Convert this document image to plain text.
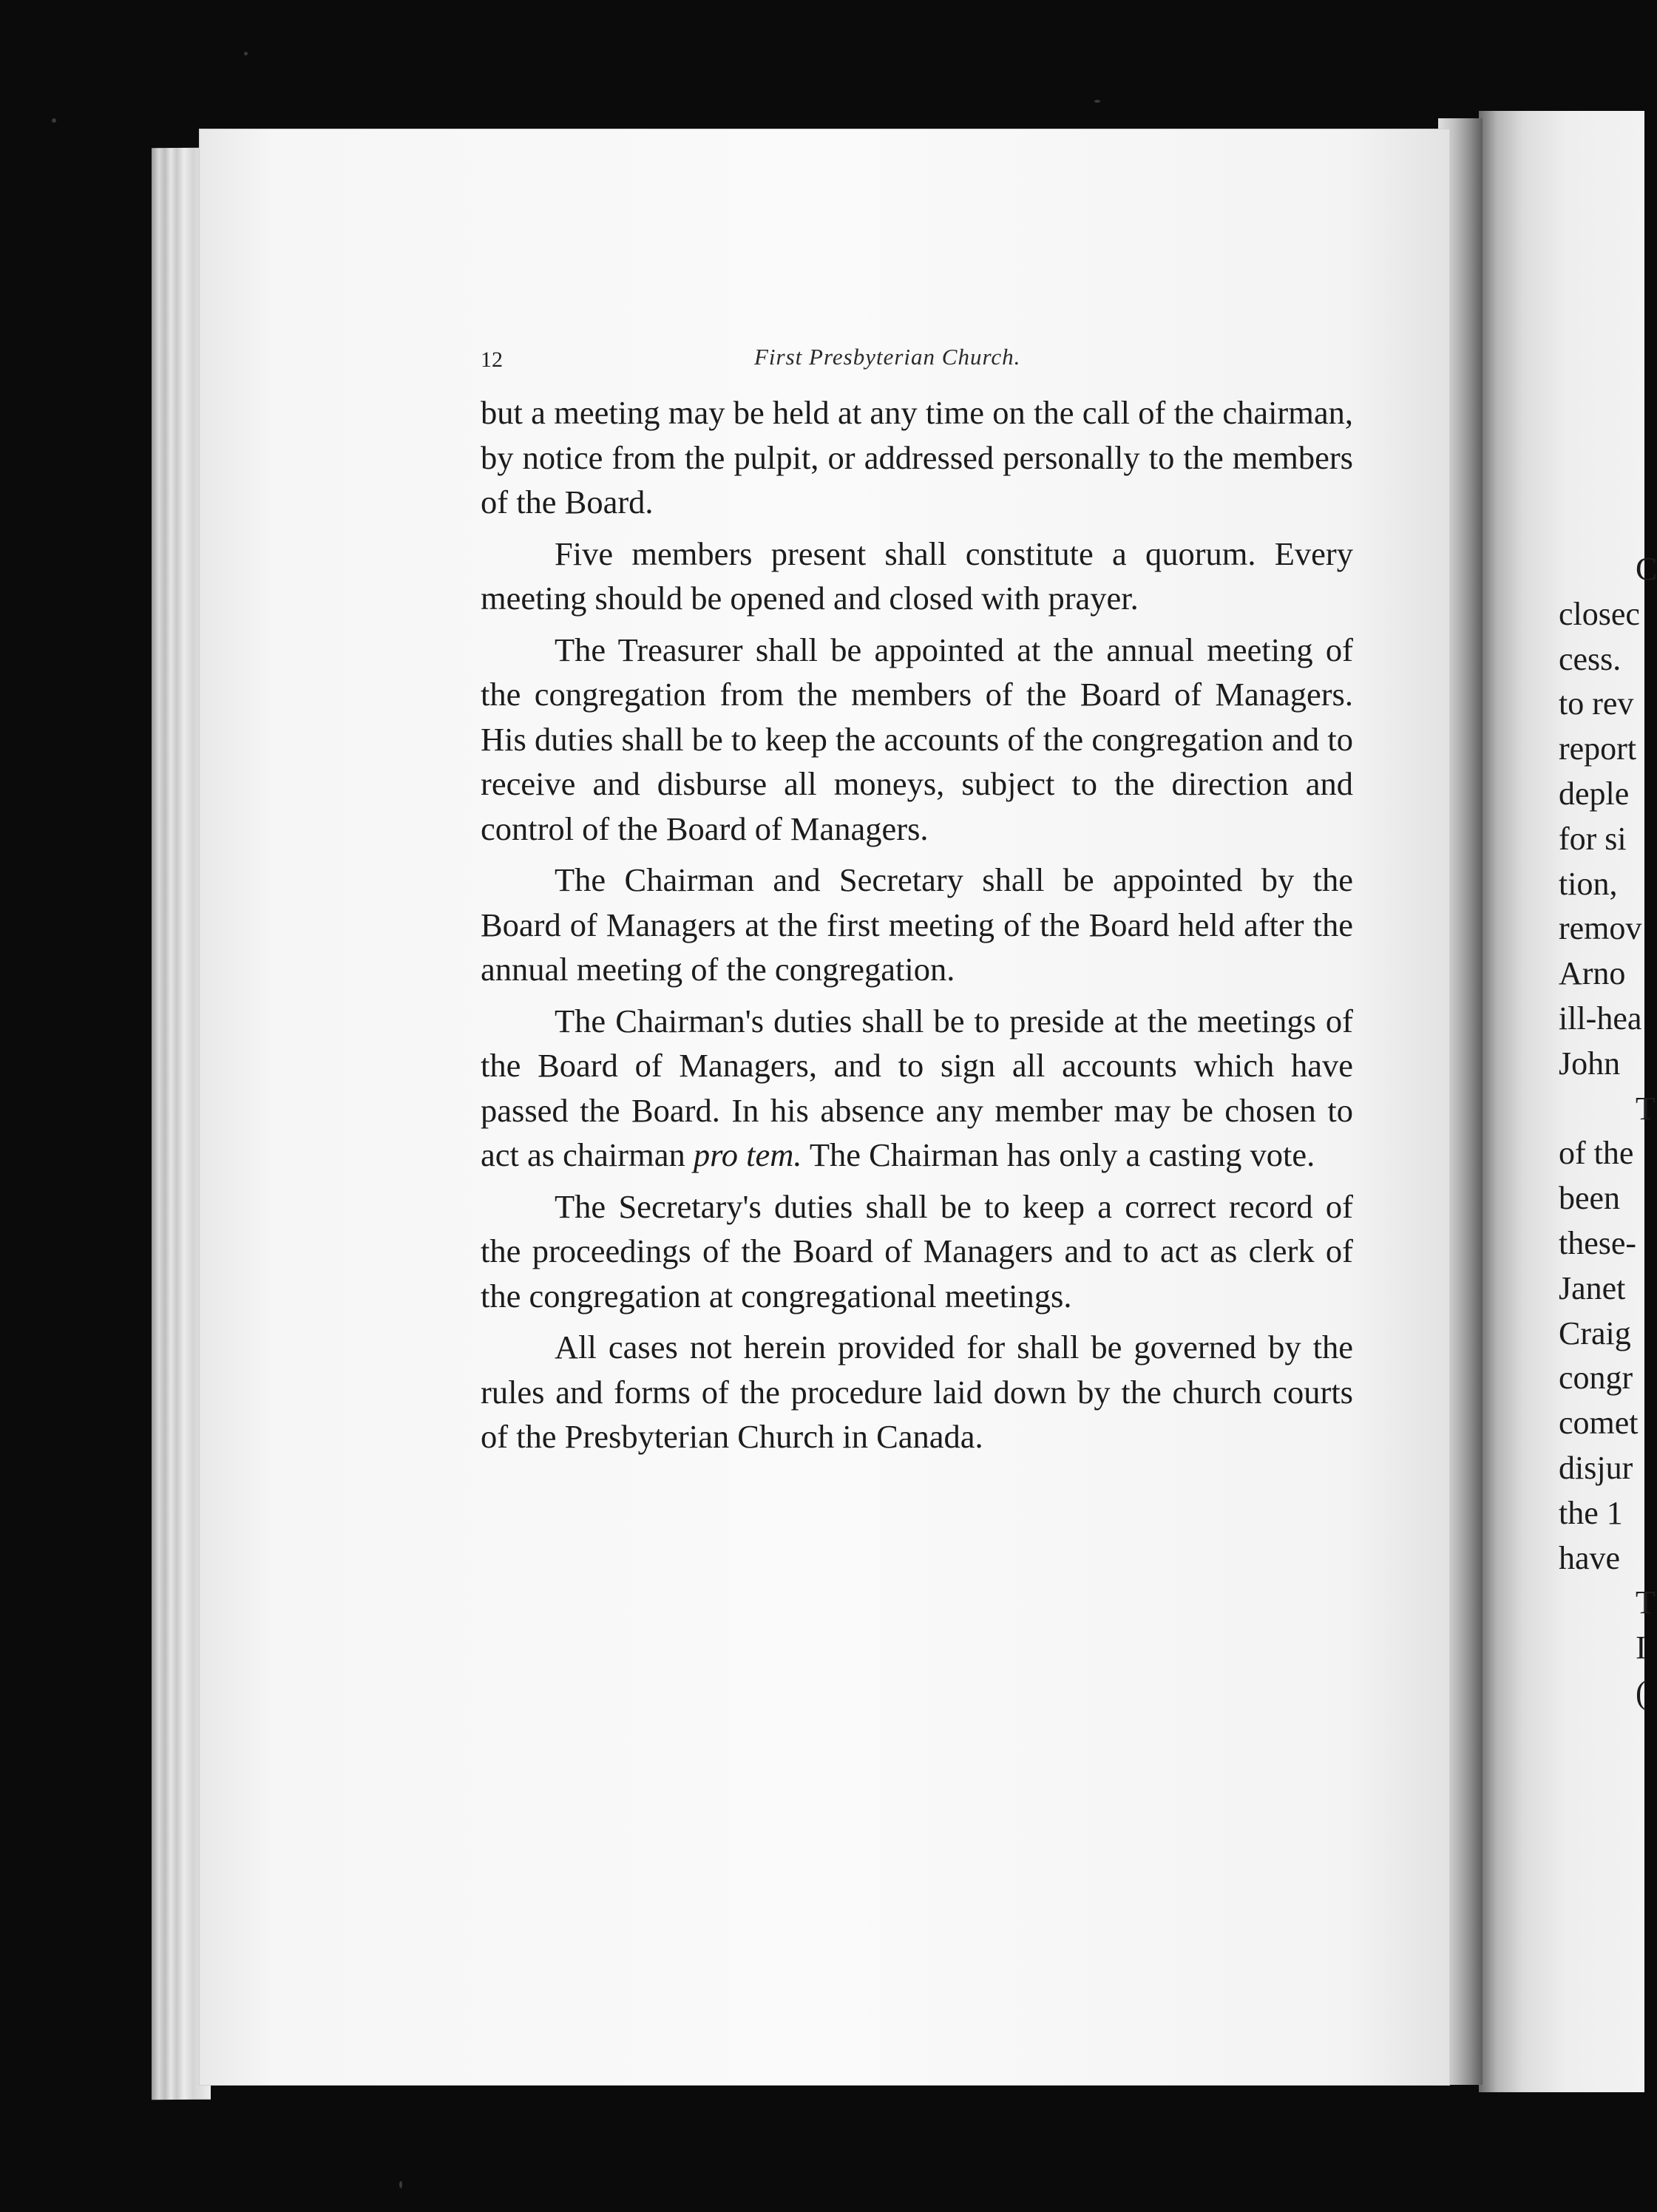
12	First Presbyterian Church.

but a meeting may be held at any time on the call of the chairman, by notice from the pulpit, or addressed personally to the members of the Board.

Five members present shall constitute a quorum. Every meeting should be opened and closed with prayer.

The Treasurer shall be appointed at the annual meeting of the congregation from the members of the Board of Managers. His duties shall be to keep the accounts of the congregation and to receive and disburse all moneys, subject to the direction and control of the Board of Managers.

The Chairman and Secretary shall be appointed by the Board of Managers at the first meeting of the Board held after the annual meeting of the congregation.

The Chairman's duties shall be to preside at the meetings of the Board of Managers, and to sign all accounts which have passed the Board. In his absence any member may be chosen to act as chairman pro tem. The Chairman has only a casting vote.

The Secretary's duties shall be to keep a correct record of the proceedings of the Board of Managers and to act as clerk of the congregation at congregational meetings.

All cases not herein provided for shall be governed by the rules and forms of the procedure laid down by the church courts of the Presbyterian Church in Canada.

C
closec
cess.
to rev
report
deple
for si
tion,
remov
Arno
ill-hea
John
T
of the
been
these-
Janet
Craig
congr
comet
disjur
the 1
have
T
I
(
